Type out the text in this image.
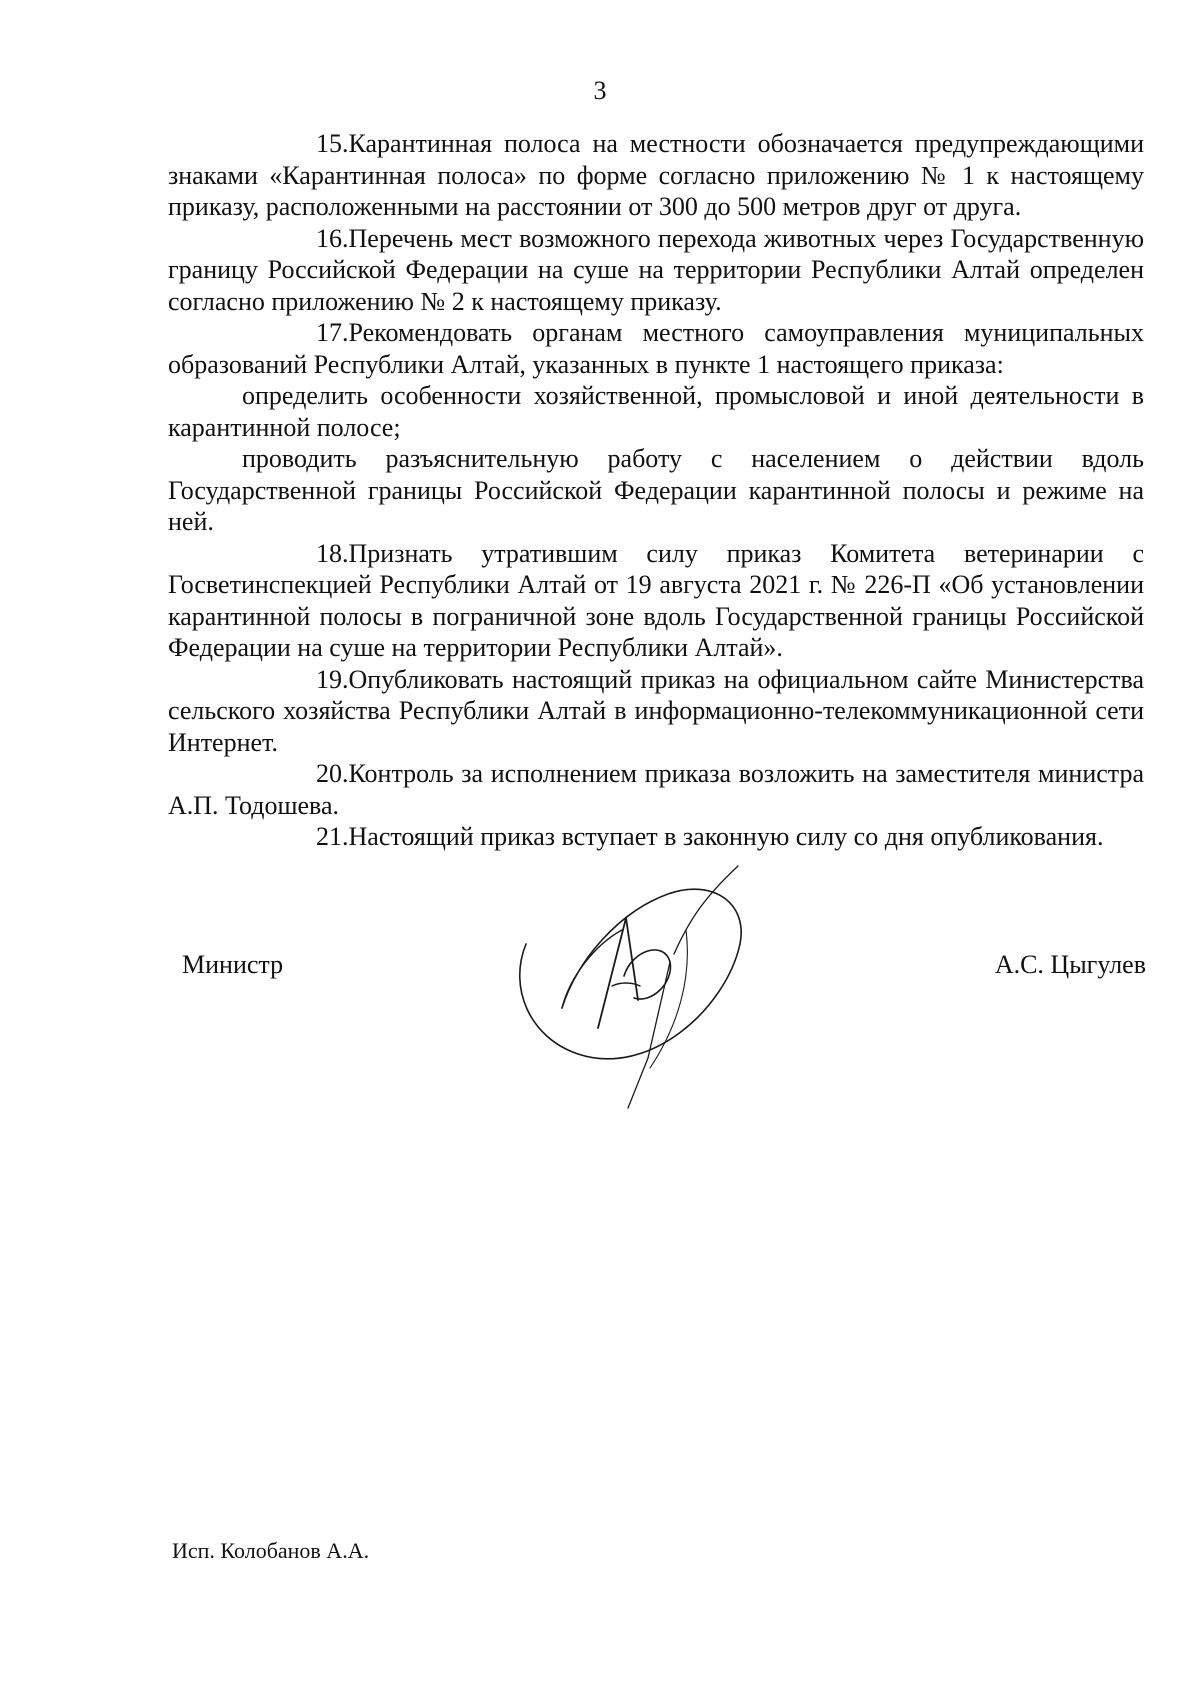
3

15.Карантинная полоса на местности обозначается предупреждающими знаками «Карантинная полоса» по форме согласно приложению № 1 к настоящему приказу, расположенными на расстоянии от 300 до 500 метров друг от друга.

16.Перечень мест возможного перехода животных через Государственную границу Российской Федерации на суше на территории Республики Алтай определен согласно приложению № 2 к настоящему приказу.

17.Рекомендовать органам местного самоуправления муниципальных образований Республики Алтай, указанных в пункте 1 настоящего приказа:

определить особенности хозяйственной, промысловой и иной деятельности в карантинной полосе;

проводить разъяснительную работу с населением о действии вдоль Государственной границы Российской Федерации карантинной полосы и режиме на ней.

18.Признать утратившим силу приказ Комитета ветеринарии с Госветинспекцией Республики Алтай от 19 августа 2021 г. № 226-П «Об установлении карантинной полосы в пограничной зоне вдоль Государственной границы Российской Федерации на суше на территории Республики Алтай».

19.Опубликовать настоящий приказ на официальном сайте Министерства сельского хозяйства Республики Алтай в информационно-телекоммуникационной сети Интернет.

20.Контроль за исполнением приказа возложить на заместителя министра А.П. Тодошева.

21.Настоящий приказ вступает в законную силу со дня опубликования.

Министр	А.С. Цыгулев
Исп. Колобанов А.А.
